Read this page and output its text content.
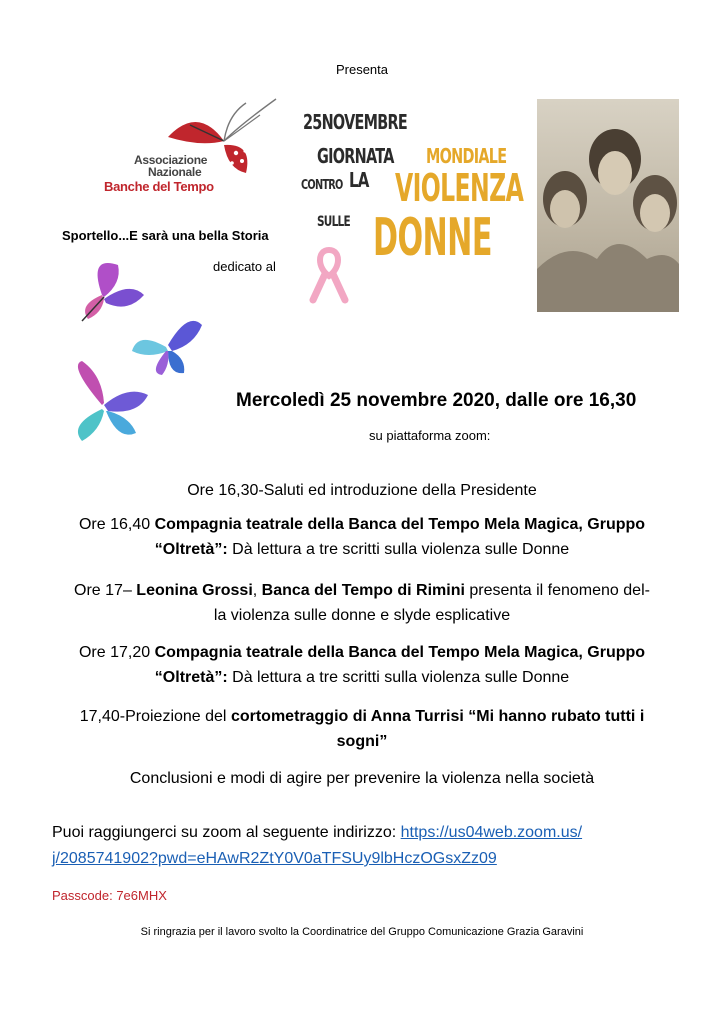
Presenta
Associazione
Nazionale
Banche del Tempo
Sportello...E sarà una bella Storia
dedicato al
25NOVEMBRE
GIORNATA MONDIALE
CONTRO LA VIOLENZA
SULLE DONNE
Mercoledì 25 novembre 2020, dalle ore 16,30
su piattaforma zoom:
Ore 16,30-Saluti ed introduzione della Presidente
Ore 16,40 Compagnia teatrale della Banca del Tempo Mela Magica, Gruppo
“Oltretà”: Dà lettura a tre scritti sulla violenza sulle Donne
Ore 17– Leonina Grossi, Banca del Tempo di Rimini presenta il fenomeno del-
la violenza sulle donne e slyde esplicative
Ore 17,20 Compagnia teatrale della Banca del Tempo Mela Magica, Gruppo
“Oltretà”: Dà lettura a tre scritti sulla violenza sulle Donne
17,40-Proiezione del cortometraggio di Anna Turrisi “Mi hanno rubato tutti i
sogni”
Conclusioni e modi di agire per prevenire la violenza nella società
Puoi raggiungerci su zoom al seguente indirizzo: https://us04web.zoom.us/
j/2085741902?pwd=eHAwR2ZtY0V0aTFSUy9lbHczOGsxZz09
Passcode: 7e6MHX
Si ringrazia per il lavoro svolto la Coordinatrice del Gruppo Comunicazione Grazia Garavini
